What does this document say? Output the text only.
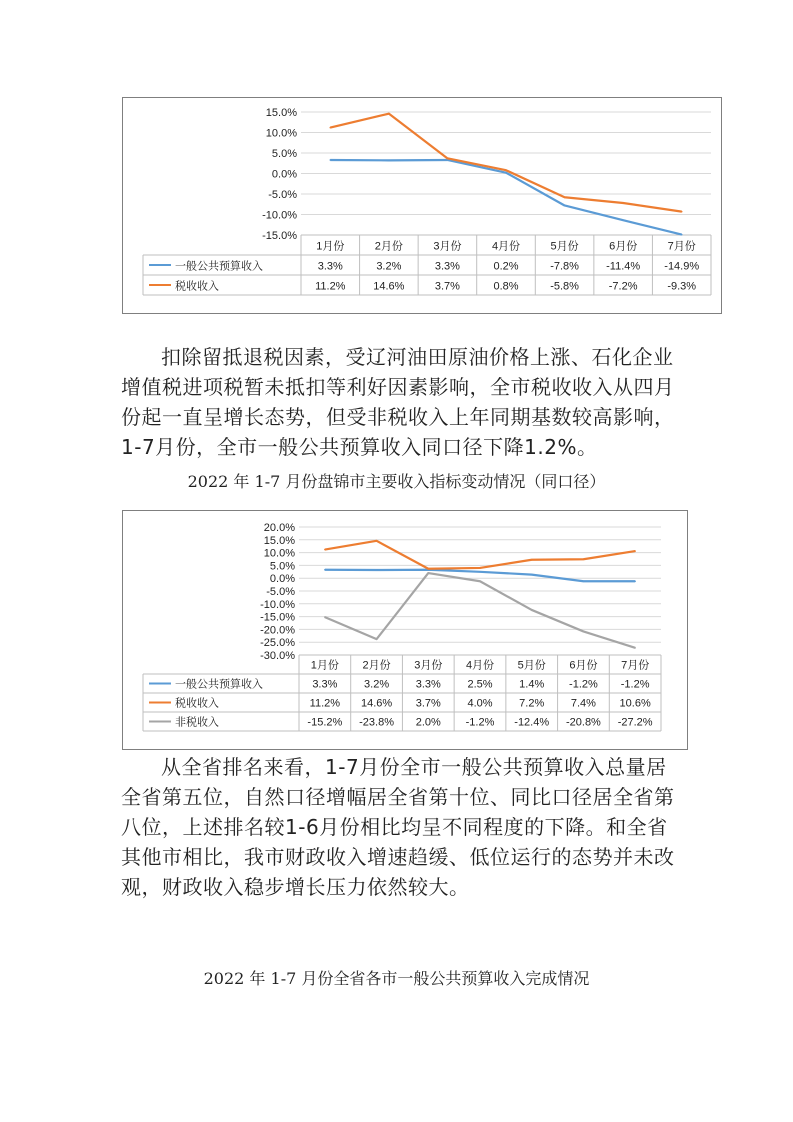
15.0%
10.0%
5.0%
0.0%
-5.0%
-10.0%
-15.0%
1月份	2月份	3月份	4月份	5月份	6月份	7月份
一般公共预算收入	3.3%	3.2%	3.3%	0.2%	-7.8% -11.4% -14.9%
税收收入	11.2%	14.6%	3.7%	0.8%	-5.8%	-7.2%	-9.3%

扣除留抵退税因素，受辽河油田原油价格上涨、石化企业增值税进项税暂未抵扣等利好因素影响，全市税收收入从四月份起一直呈增长态势，但受非税收入上年同期基数较高影响，1-7月份，全市一般公共预算收入同口径下降1.2%。

2022 年 1-7 月份盘锦市主要收入指标变动情况（同口径）

20.0%
15.0%
10.0%
5.0%
0.0%
-5.0%
-10.0%
-15.0%
-20.0%
-25.0%
-30.0%
1月份 2月份 3月份 4月份 5月份 6月份 7月份
一般公共预算收入	3.3% 3.2% 3.3% 2.5% 1.4% -1.2% -1.2%
税收收入	11.2% 14.6% 3.7% 4.0% 7.2% 7.4% 10.6%
非税收入	-15.2% -23.8% 2.0% -1.2% -12.4% -20.8% -27.2%

从全省排名来看，1-7月份全市一般公共预算收入总量居全省第五位，自然口径增幅居全省第十位、同比口径居全省第八位，上述排名较1-6月份相比均呈不同程度的下降。和全省其他市相比，我市财政收入增速趋缓、低位运行的态势并未改观，财政收入稳步增长压力依然较大。

2022 年 1-7 月份全省各市一般公共预算收入完成情况
